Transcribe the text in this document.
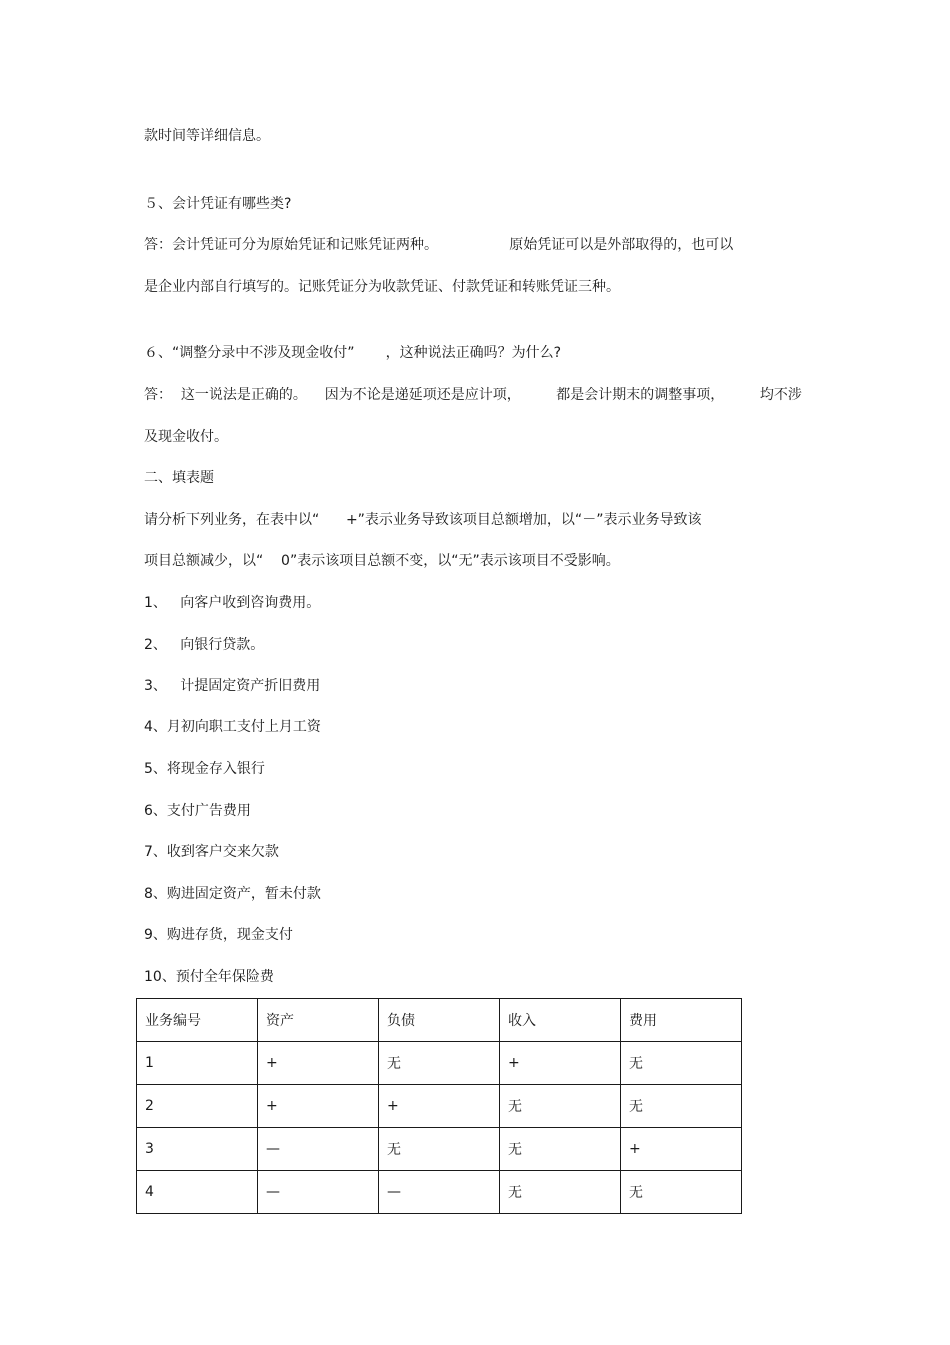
款时间等详细信息。
５、会计凭证有哪些类?
答：会计凭证可分为原始凭证和记账凭证两种。                原始凭证可以是外部取得的，也可以
是企业内部自行填写的。记账凭证分为收款凭证、付款凭证和转账凭证三种。
６、“调整分录中不涉及现金收付”       ，这种说法正确吗？为什么?
答：  这一说法是正确的。    因为不论是递延项还是应计项，        都是会计期末的调整事项，        均不涉
及现金收付。
二、填表题
请分析下列业务，在表中以“      +”表示业务导致该项目总额增加，以“－”表示业务导致该
项目总额减少，以“    0”表示该项目总额不变，以“无”表示该项目不受影响。
1、   向客户收到咨询费用。
2、   向银行贷款。
3、   计提固定资产折旧费用
4、月初向职工支付上月工资
5、将现金存入银行
6、支付广告费用
7、收到客户交来欠款
8、购进固定资产，暂未付款
9、购进存货，现金支付
10、预付全年保险费
业务编号	资产	负债	收入	费用
1	+	无	+	无
2	+	+	无	无
3	—	无	无	+
4	—	—	无	无
